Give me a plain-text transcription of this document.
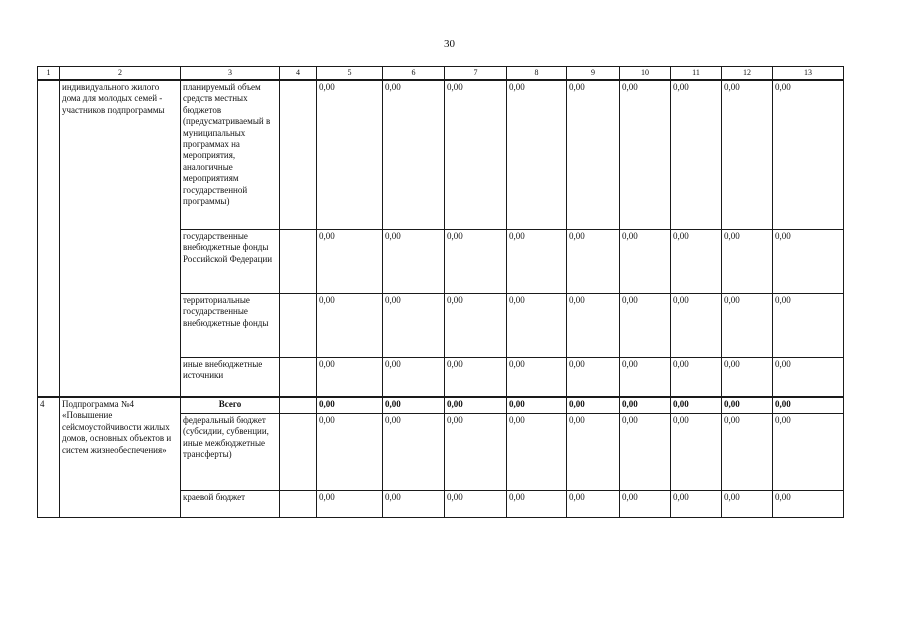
30
1	2	3	4	5	6	7	8	9	10	11	12	13
	индивидуального жилого дома для молодых семей - участников подпрограммы	планируемый объем средств местных бюджетов (предусматриваемый в муниципальных программах на мероприятия, аналогичные мероприятиям государственной программы)		0,00	0,00	0,00	0,00	0,00	0,00	0,00	0,00	0,00
		государственные внебюджетные фонды Российской Федерации		0,00	0,00	0,00	0,00	0,00	0,00	0,00	0,00	0,00
		территориальные государственные внебюджетные фонды		0,00	0,00	0,00	0,00	0,00	0,00	0,00	0,00	0,00
		иные внебюджетные источники		0,00	0,00	0,00	0,00	0,00	0,00	0,00	0,00	0,00
4	Подпрограмма №4 «Повышение сейсмоустойчивости жилых домов, основных объектов и систем жизнеобеспечения»	Всего		0,00	0,00	0,00	0,00	0,00	0,00	0,00	0,00	0,00
		федеральный бюджет (субсидии, субвенции, иные межбюджетные трансферты)		0,00	0,00	0,00	0,00	0,00	0,00	0,00	0,00	0,00
		краевой бюджет		0,00	0,00	0,00	0,00	0,00	0,00	0,00	0,00	0,00
